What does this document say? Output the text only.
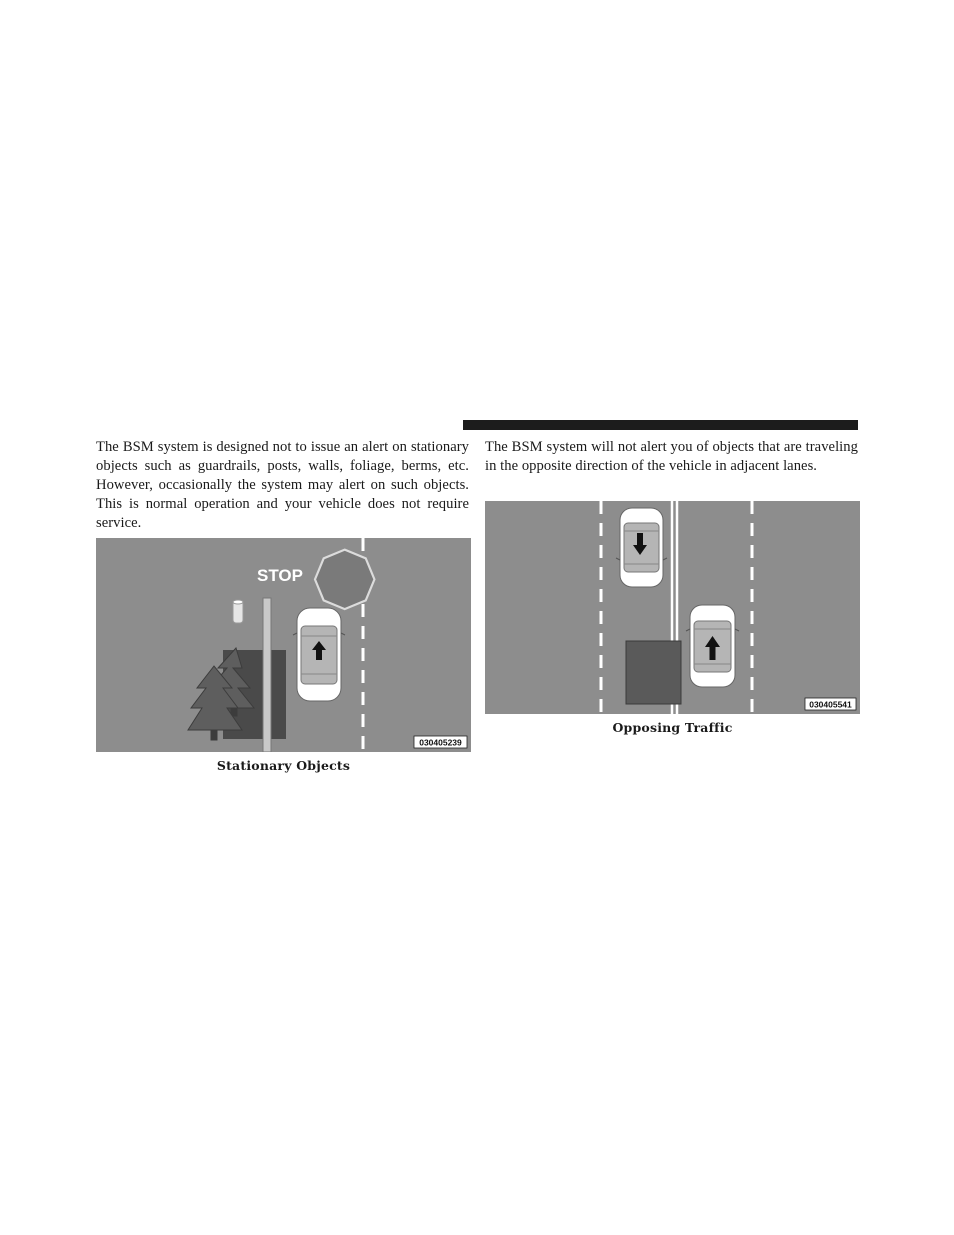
The BSM system is designed not to issue an alert on stationary objects such as guardrails, posts, walls, foliage, berms, etc. However, occasionally the system may alert on such objects. This is normal operation and your vehicle does not require service.

STOP
030405239
Stationary Objects

The BSM system will not alert you of objects that are traveling in the opposite direction of the vehicle in adjacent lanes.

030405541
Opposing Traffic
